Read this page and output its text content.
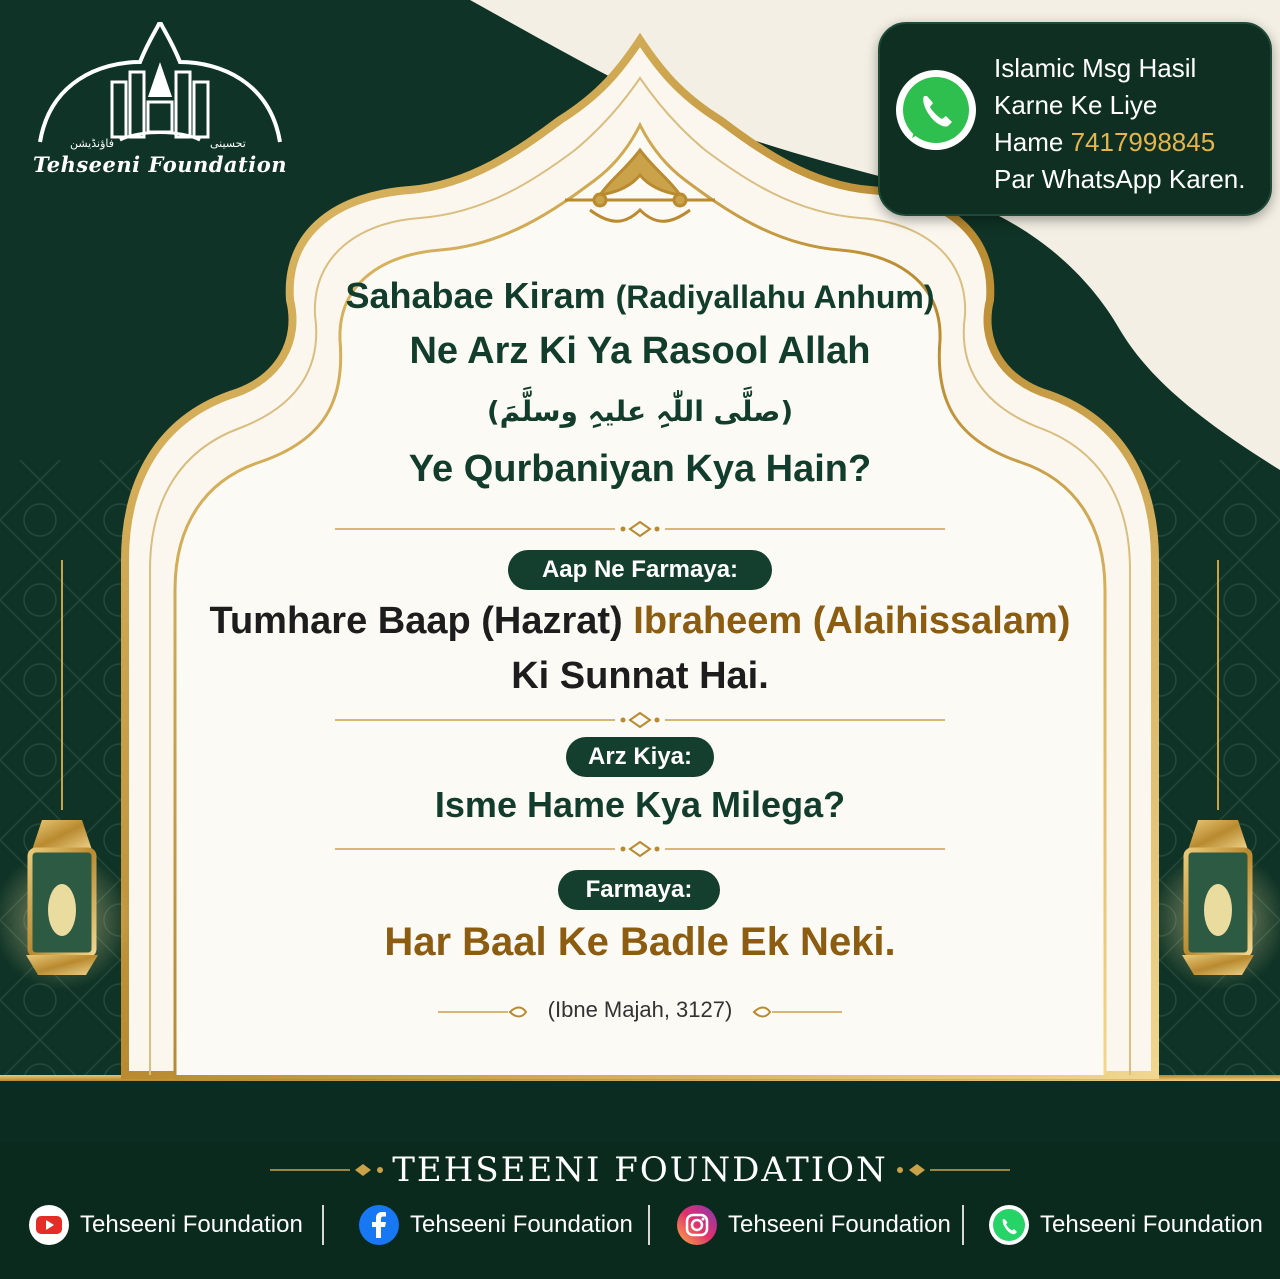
فاؤنڈیشن	تحسینی
Tehseeni Foundation
Islamic Msg Hasil
Karne Ke Liye
Hame 7417998845
Par WhatsApp Karen.
Sahabae Kiram (Radiyallahu Anhum)
Ne Arz Ki Ya Rasool Allah
(صلَّی اللّٰہِ علیہِ وسلَّمَ)
Ye Qurbaniyan Kya Hain?
Aap Ne Farmaya:
Tumhare Baap (Hazrat) Ibraheem (Alaihissalam)
Ki Sunnat Hai.
Arz Kiya:
Isme Hame Kya Milega?
Farmaya:
Har Baal Ke Badle Ek Neki.
(Ibne Majah, 3127)
TEHSEENI FOUNDATION
Tehseeni Foundation	Tehseeni Foundation	Tehseeni Foundation	Tehseeni Foundation
